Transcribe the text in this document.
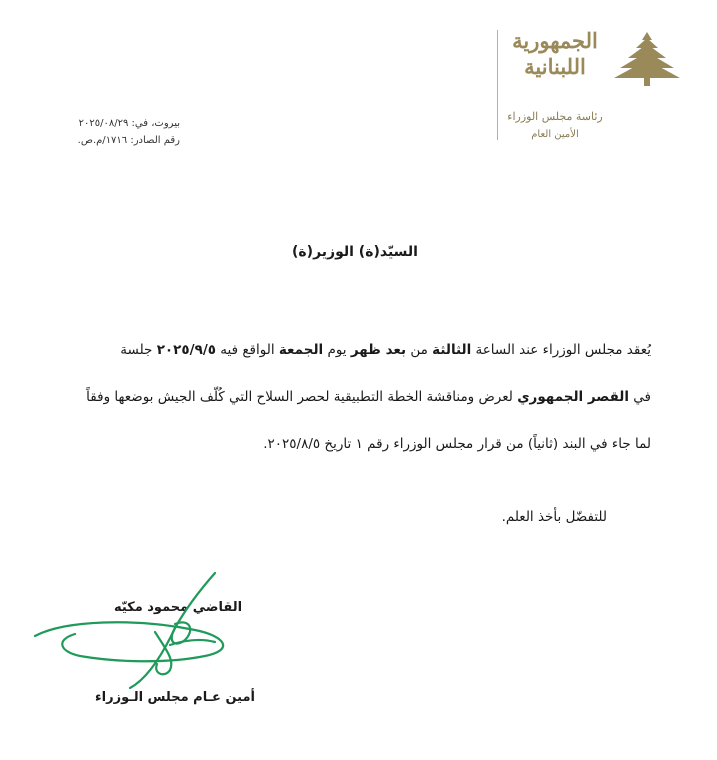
الجمهورية
اللبنانية
رئاسة مجلس الوزراء
الأمين العام
بيروت، في: ٢٠٢٥/٠٨/٢٩
رقم الصادر: ١٧١٦/م.ص.
السيّد(ة) الوزير(ة)
يُعقد مجلس الوزراء عند الساعة الثالثة من بعد ظهر يوم الجمعة الواقع فيه ٢٠٢٥/٩/٥ جلسة
في القصر الجمهوري لعرض ومناقشة الخطة التطبيقية لحصر السلاح التي كُلّف الجيش بوضعها وفقاً
لما جاء في البند (ثانياً) من قرار مجلس الوزراء رقم ١ تاريخ ٢٠٢٥/٨/٥.
للتفضّل بأخذ العلم.
القاضي محمود مكيّه
أمين عـام مجلس الـوزراء
